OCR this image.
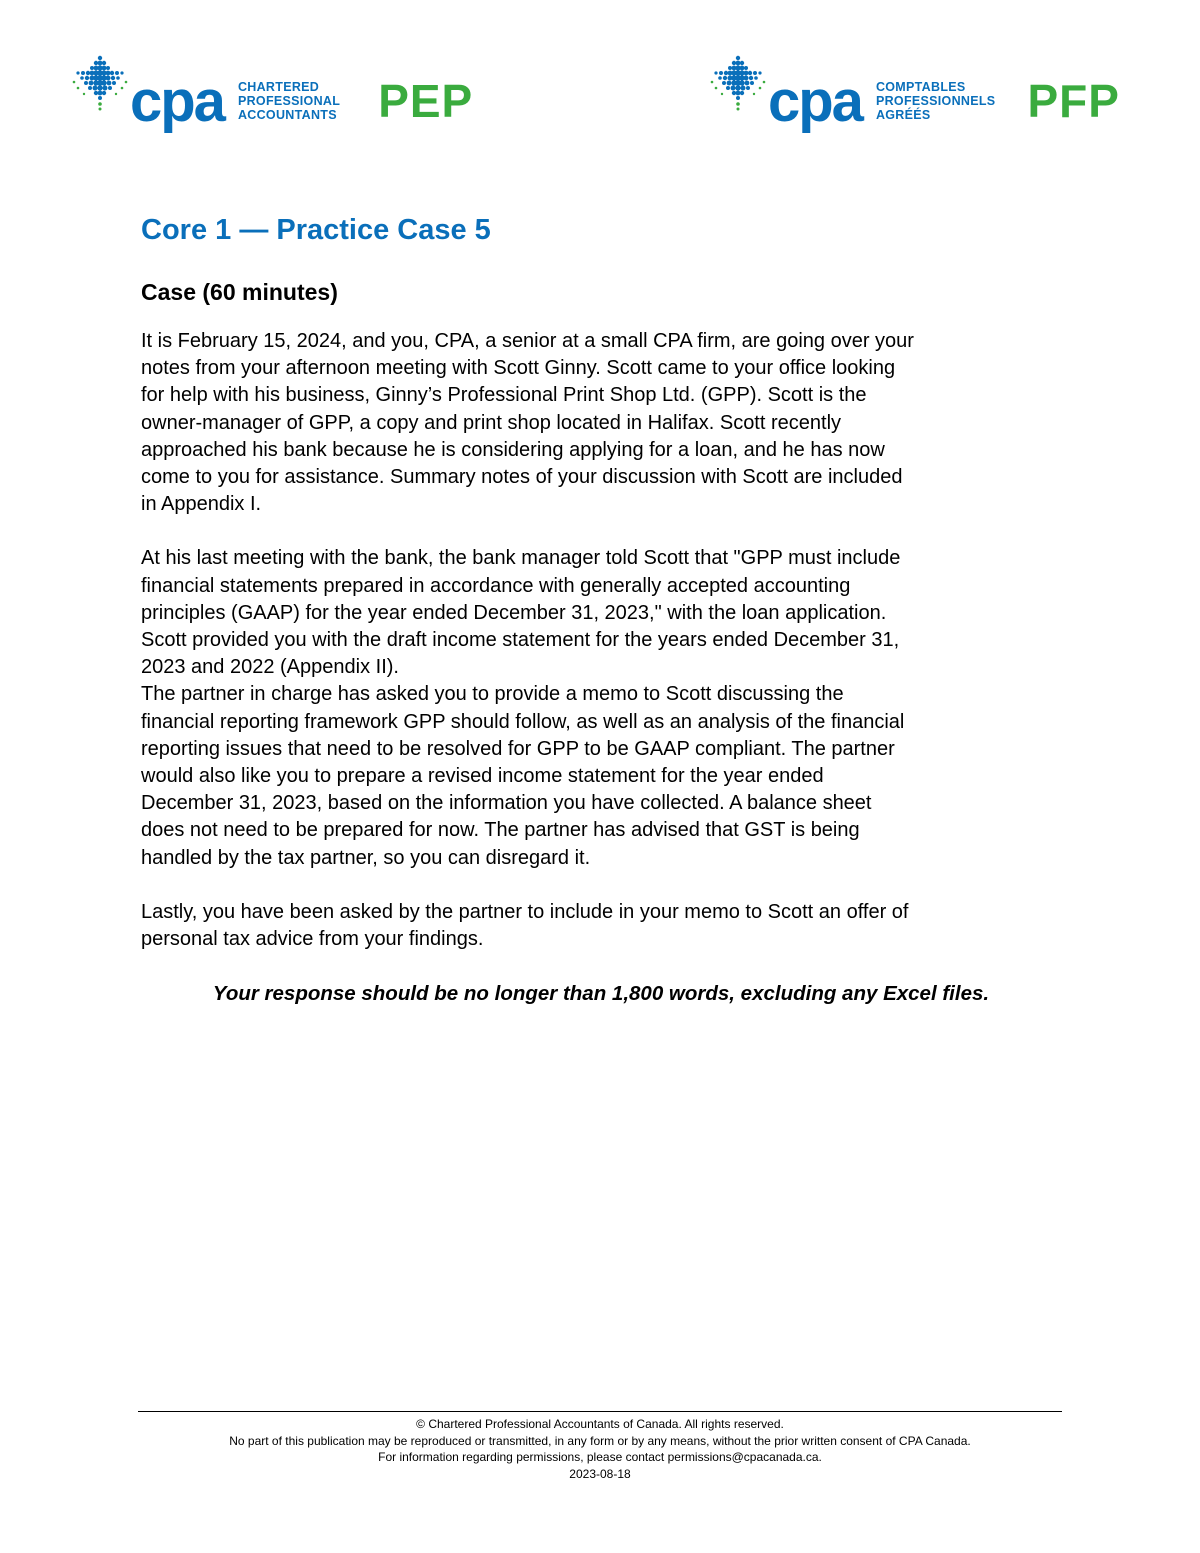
cpa CHARTERED
PROFESSIONAL
ACCOUNTANTS PEP	cpa COMPTABLES
PROFESSIONNELS
AGRÉÉS	PFP
Core 1 — Practice Case 5
Case (60 minutes)

It is February 15, 2024, and you, CPA, a senior at a small CPA firm, are going over your
notes from your afternoon meeting with Scott Ginny. Scott came to your office looking
for help with his business, Ginny’s Professional Print Shop Ltd. (GPP). Scott is the
owner-manager of GPP, a copy and print shop located in Halifax. Scott recently
approached his bank because he is considering applying for a loan, and he has now
come to you for assistance. Summary notes of your discussion with Scott are included
in Appendix I.

At his last meeting with the bank, the bank manager told Scott that "GPP must include
financial statements prepared in accordance with generally accepted accounting
principles (GAAP) for the year ended December 31, 2023," with the loan application.
Scott provided you with the draft income statement for the years ended December 31,
2023 and 2022 (Appendix II).

The partner in charge has asked you to provide a memo to Scott discussing the
financial reporting framework GPP should follow, as well as an analysis of the financial
reporting issues that need to be resolved for GPP to be GAAP compliant. The partner
would also like you to prepare a revised income statement for the year ended
December 31, 2023, based on the information you have collected. A balance sheet
does not need to be prepared for now. The partner has advised that GST is being
handled by the tax partner, so you can disregard it.

Lastly, you have been asked by the partner to include in your memo to Scott an offer of
personal tax advice from your findings.

Your response should be no longer than 1,800 words, excluding any Excel files.

© Chartered Professional Accountants of Canada. All rights reserved.
No part of this publication may be reproduced or transmitted, in any form or by any means, without the prior written consent of CPA Canada.
For information regarding permissions, please contact permissions@cpacanada.ca.
2023-08-18
